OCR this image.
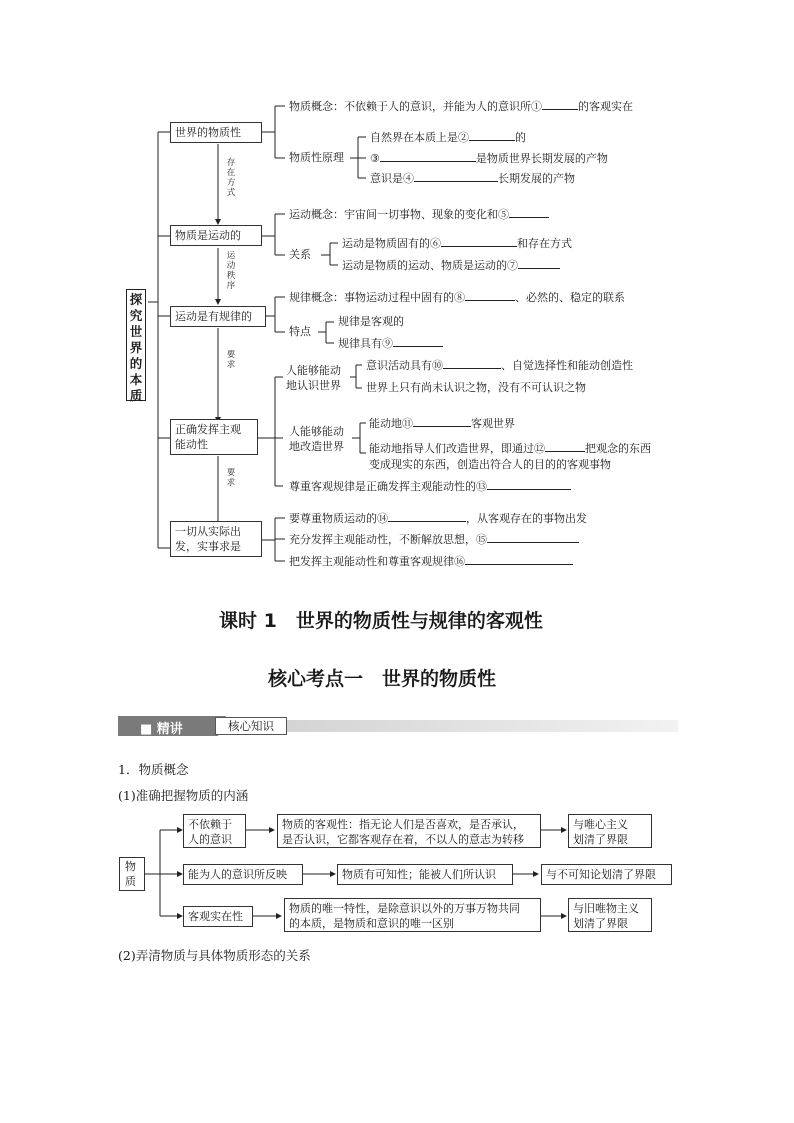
探究世界的本质
世界的物质性
物质是运动的
运动是有规律的
正确发挥主观
能动性
一切从实际出
发，实事求是
存在方式
运动秩序
要求
要求
物质概念：不依赖于人的意识，并能为人的意识所①	的客观实在
物质性原理
自然界在本质上是②	的
③	是物质世界长期发展的产物
意识是④	长期发展的产物
运动概念：宇宙间一切事物、现象的变化和⑤
关系
运动是物质固有的⑥	和存在方式
运动是物质的运动、物质是运动的⑦
规律概念：事物运动过程中固有的⑧	、必然的、稳定的联系
特点
规律是客观的
规律具有⑨
人能够能动
地认识世界
意识活动具有⑩	、自觉选择性和能动创造性
世界上只有尚未认识之物，没有不可认识之物
人能够能动
地改造世界
能动地⑪	客观世界
能动地指导人们改造世界，即通过⑫	把观念的东西
变成现实的东西，创造出符合人的目的的客观事物
尊重客观规律是正确发挥主观能动性的⑬
要尊重物质运动的⑭	，从客观存在的事物出发
充分发挥主观能动性，不断解放思想，⑮
把发挥主观能动性和尊重客观规律⑯
课时 1　世界的物质性与规律的客观性
核心考点一　世界的物质性
■ 精讲	核心知识
1．物质概念
(1)准确把握物质的内涵
物质
不依赖于
人的意识
物质的客观性：指无论人们是否喜欢，是否承认，
是否认识，它都客观存在着，不以人的意志为转移
与唯心主义
划清了界限
能为人的意识所反映	物质有可知性；能被人们所认识	与不可知论划清了界限
客观实在性
物质的唯一特性，是除意识以外的万事万物共同
的本质，是物质和意识的唯一区别
与旧唯物主义
划清了界限
(2)弄清物质与具体物质形态的关系
